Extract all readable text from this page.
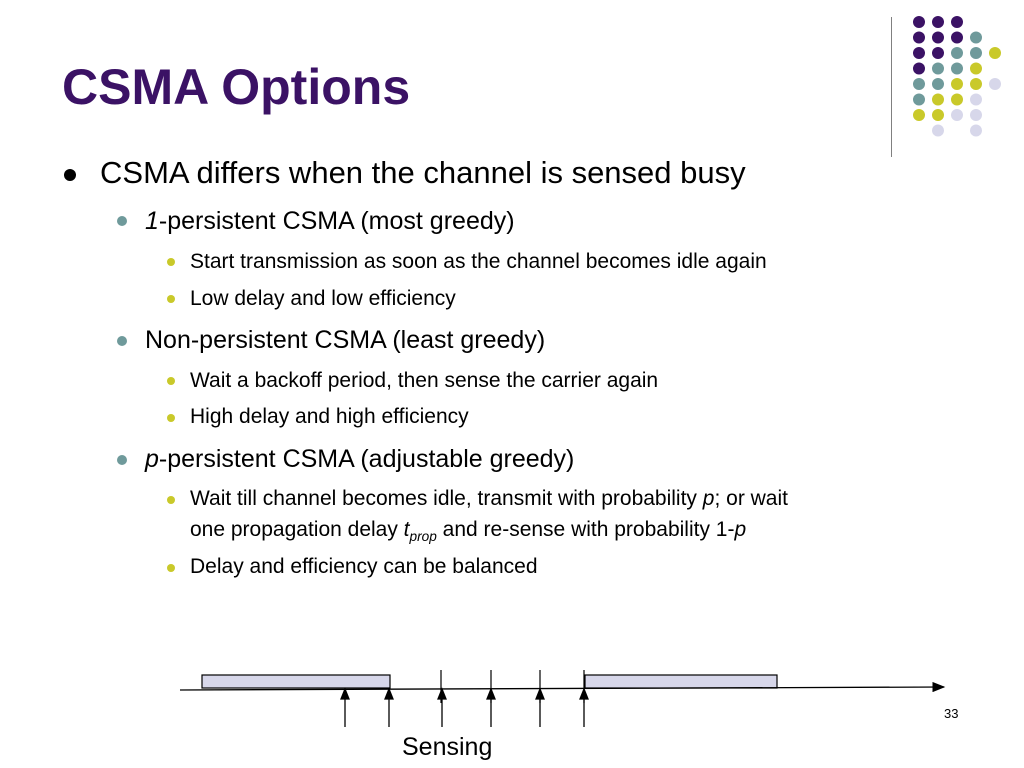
CSMA Options
CSMA differs when the channel is sensed busy
1-persistent CSMA (most greedy)
Start transmission as soon as the channel becomes idle again
Low delay and low efficiency
Non-persistent CSMA (least greedy)
Wait a backoff period, then sense the carrier again
High delay and high efficiency
p-persistent CSMA (adjustable greedy)
Wait till channel becomes idle, transmit with probability p; or wait
one propagation delay $t_{prop}$ and re-sense with probability 1-p
Delay and efficiency can be balanced
Sensing
33
